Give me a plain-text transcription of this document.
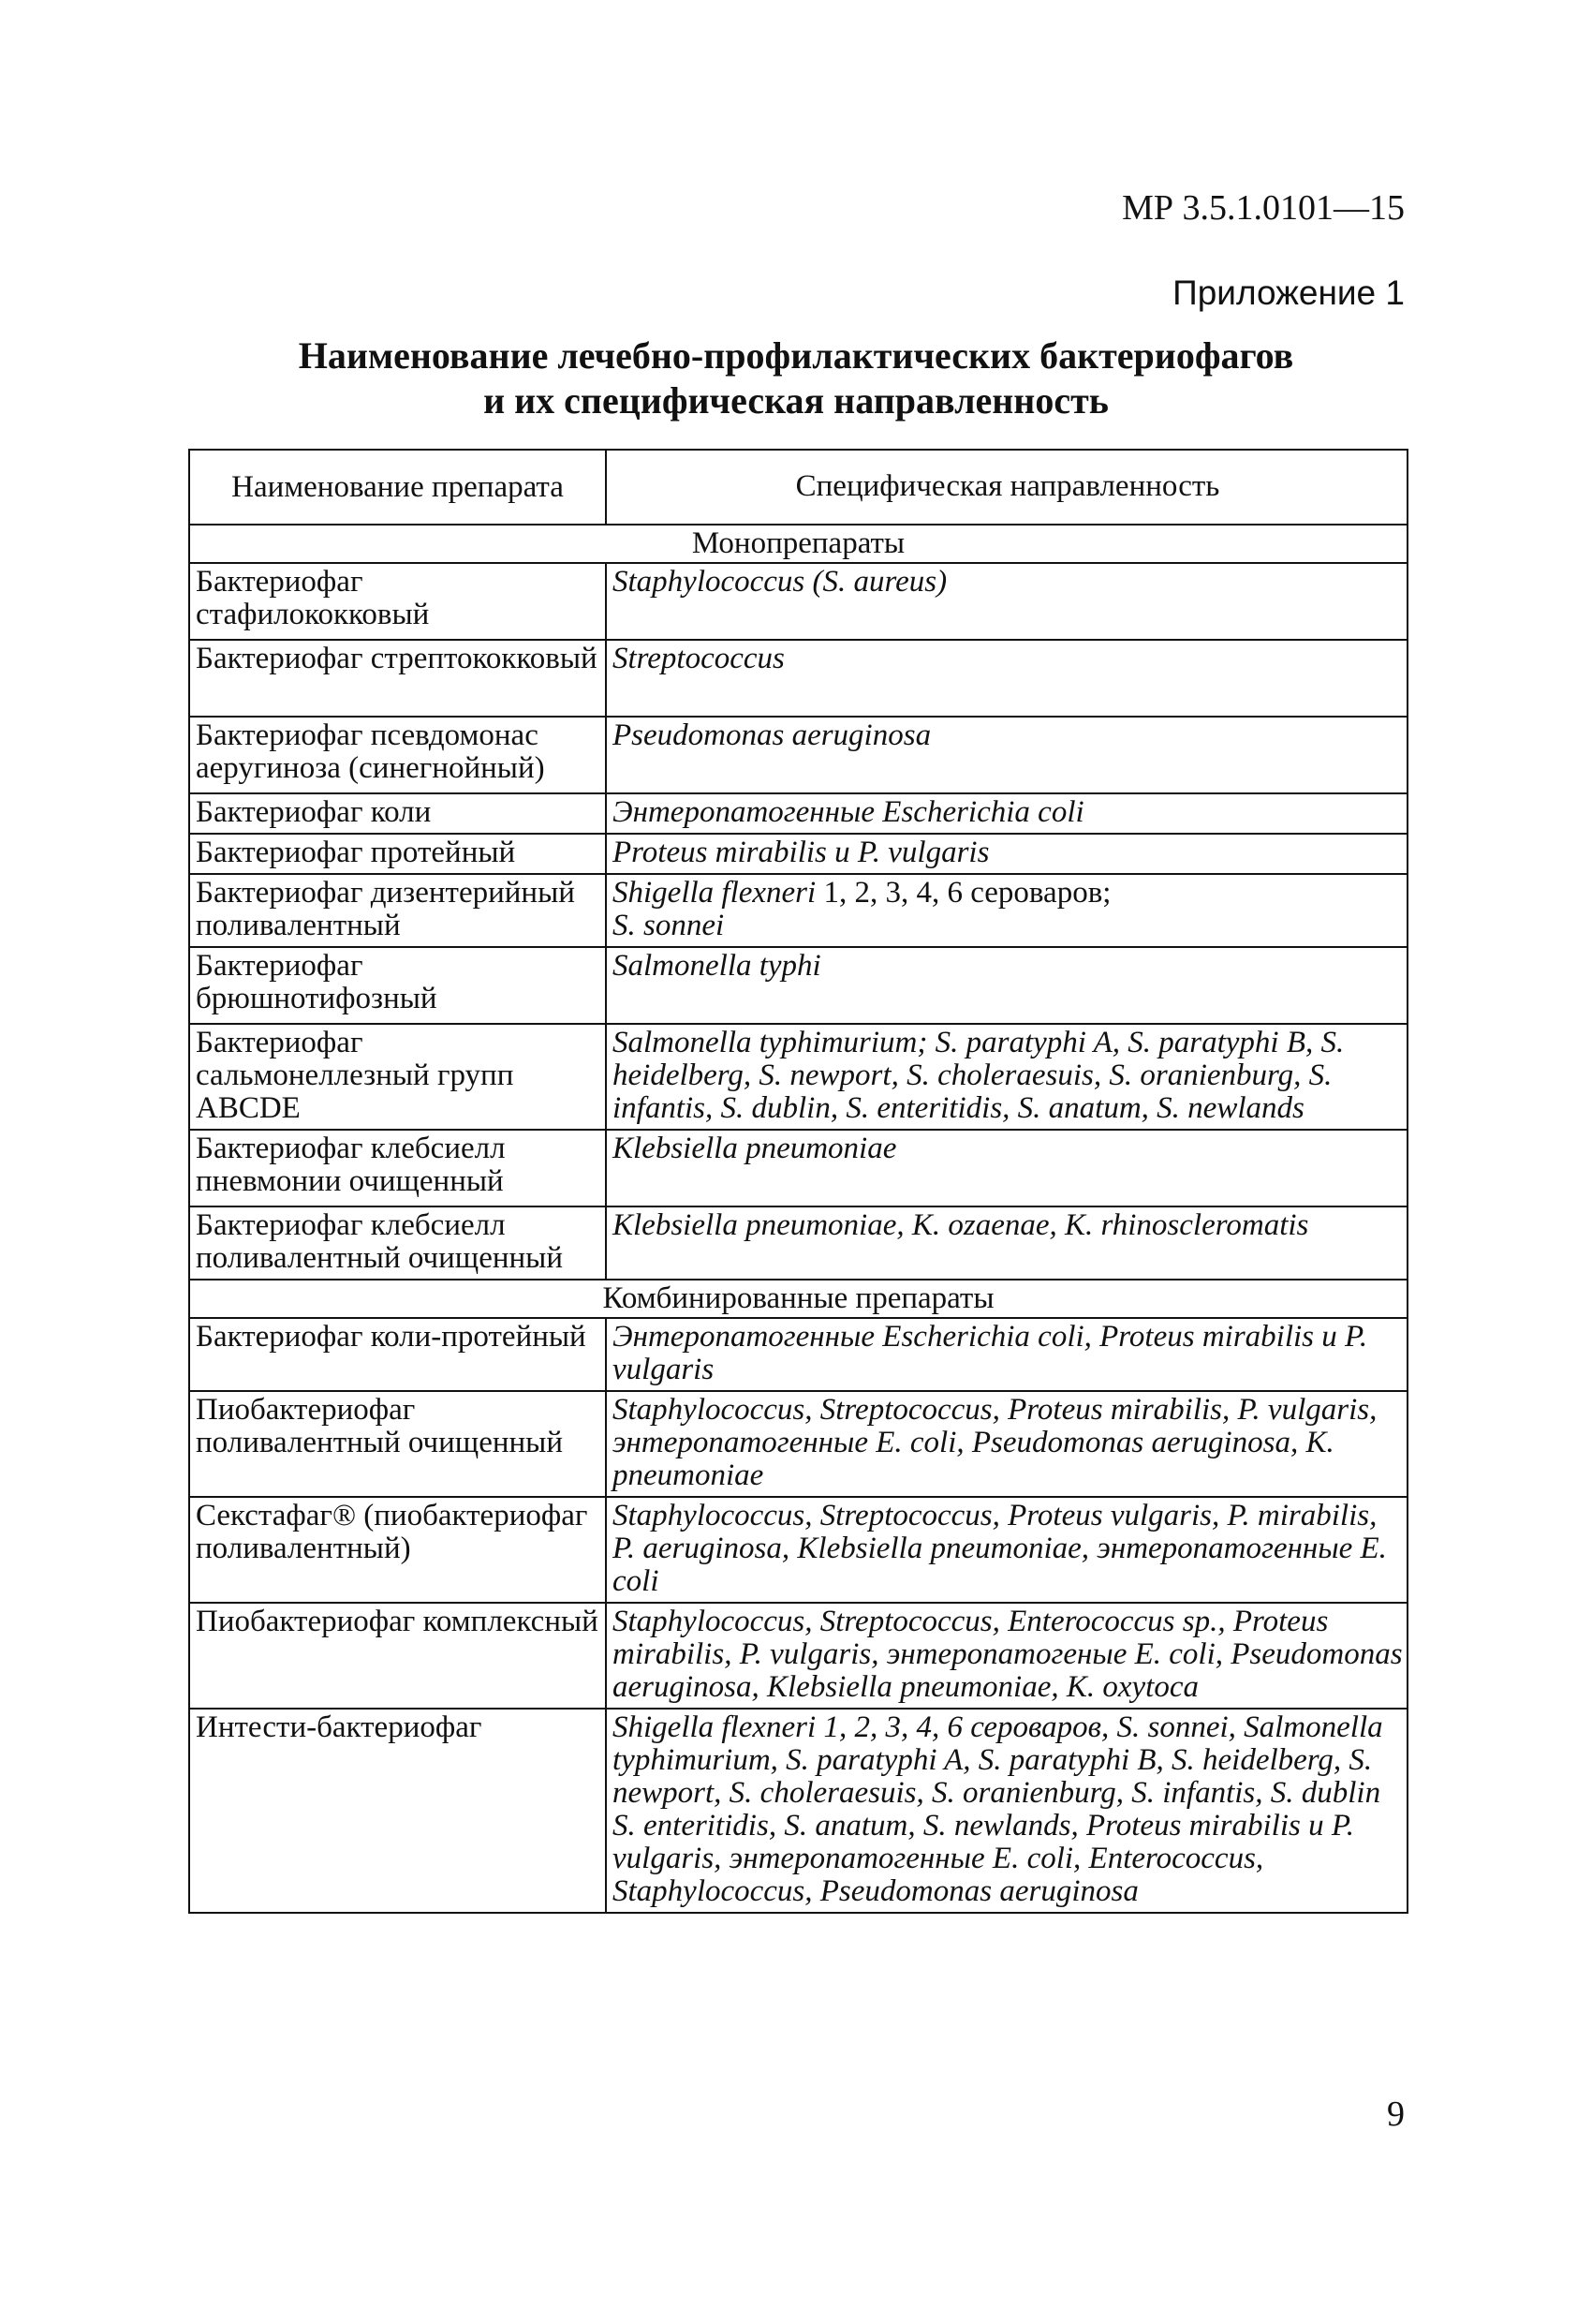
МР 3.5.1.0101—15
Приложение 1
Наименование лечебно-профилактических бактериофагов
и их специфическая направленность
Наименование препарата	Специфическая направленность
Монопрепараты	
Бактериофаг стафилококковый	Staphylococcus (S. aureus)
Бактериофаг стрептококковый	Streptococcus
Бактериофаг псевдомонас аеругиноза (синегнойный)	Pseudomonas aeruginosa
Бактериофаг коли	Энтеропатогенные Escherichia coli
Бактериофаг протейный	Proteus mirabilis и P. vulgaris
Бактериофаг дизентерийный поливалентный	Shigella flexneri 1, 2, 3, 4, 6 сероваров;
S. sonnei
Бактериофаг брюшнотифозный	Salmonella typhi
Бактериофаг сальмонеллезный групп ABCDE	Salmonella typhimurium; S. paratyphi A, S. paratyphi B, S. heidelberg, S. newport, S. choleraesuis, S. oranienburg, S. infantis, S. dublin, S. enteritidis, S. anatum, S. newlands
Бактериофаг клебсиелл пневмонии очищенный	Klebsiella pneumoniae
Бактериофаг клебсиелл поливалентный очищенный	Klebsiella pneumoniae, K. ozaenae, K. rhinoscleromatis
Комбинированные препараты	
Бактериофаг коли-протейный	Энтеропатогенные Escherichia coli, Proteus mirabilis и P. vulgaris
Пиобактериофаг поливалентный очищенный	Staphylococcus, Streptococcus, Proteus mirabilis, P. vulgaris, энтеропатогенные E. coli, Pseudomonas aeruginosa, K. pneumoniae
Секстафаг® (пиобактериофаг поливалентный)	Staphylococcus, Streptococcus, Proteus vulgaris, P. mirabilis, P. aeruginosa, Klebsiella pneumoniae, энтеропатогенные E. coli
Пиобактериофаг комплексный	Staphylococcus, Streptococcus, Enterococcus sp., Proteus mirabilis, P. vulgaris, энтеропатогеные E. coli, Pseudomonas aeruginosa, Klebsiella pneumoniae, K. oxytoca
Интести-бактериофаг	Shigella flexneri 1, 2, 3, 4, 6 сероваров, S. sonnei, Salmonella typhimurium, S. paratyphi A, S. paratyphi B, S. heidelberg, S. newport, S. choleraesuis, S. oranienburg, S. infantis, S. dublin S. enteritidis, S. anatum, S. newlands, Proteus mirabilis и P. vulgaris, энтеропатогенные E. coli, Enterococcus, Staphylococcus, Pseudomonas aeruginosa
9
